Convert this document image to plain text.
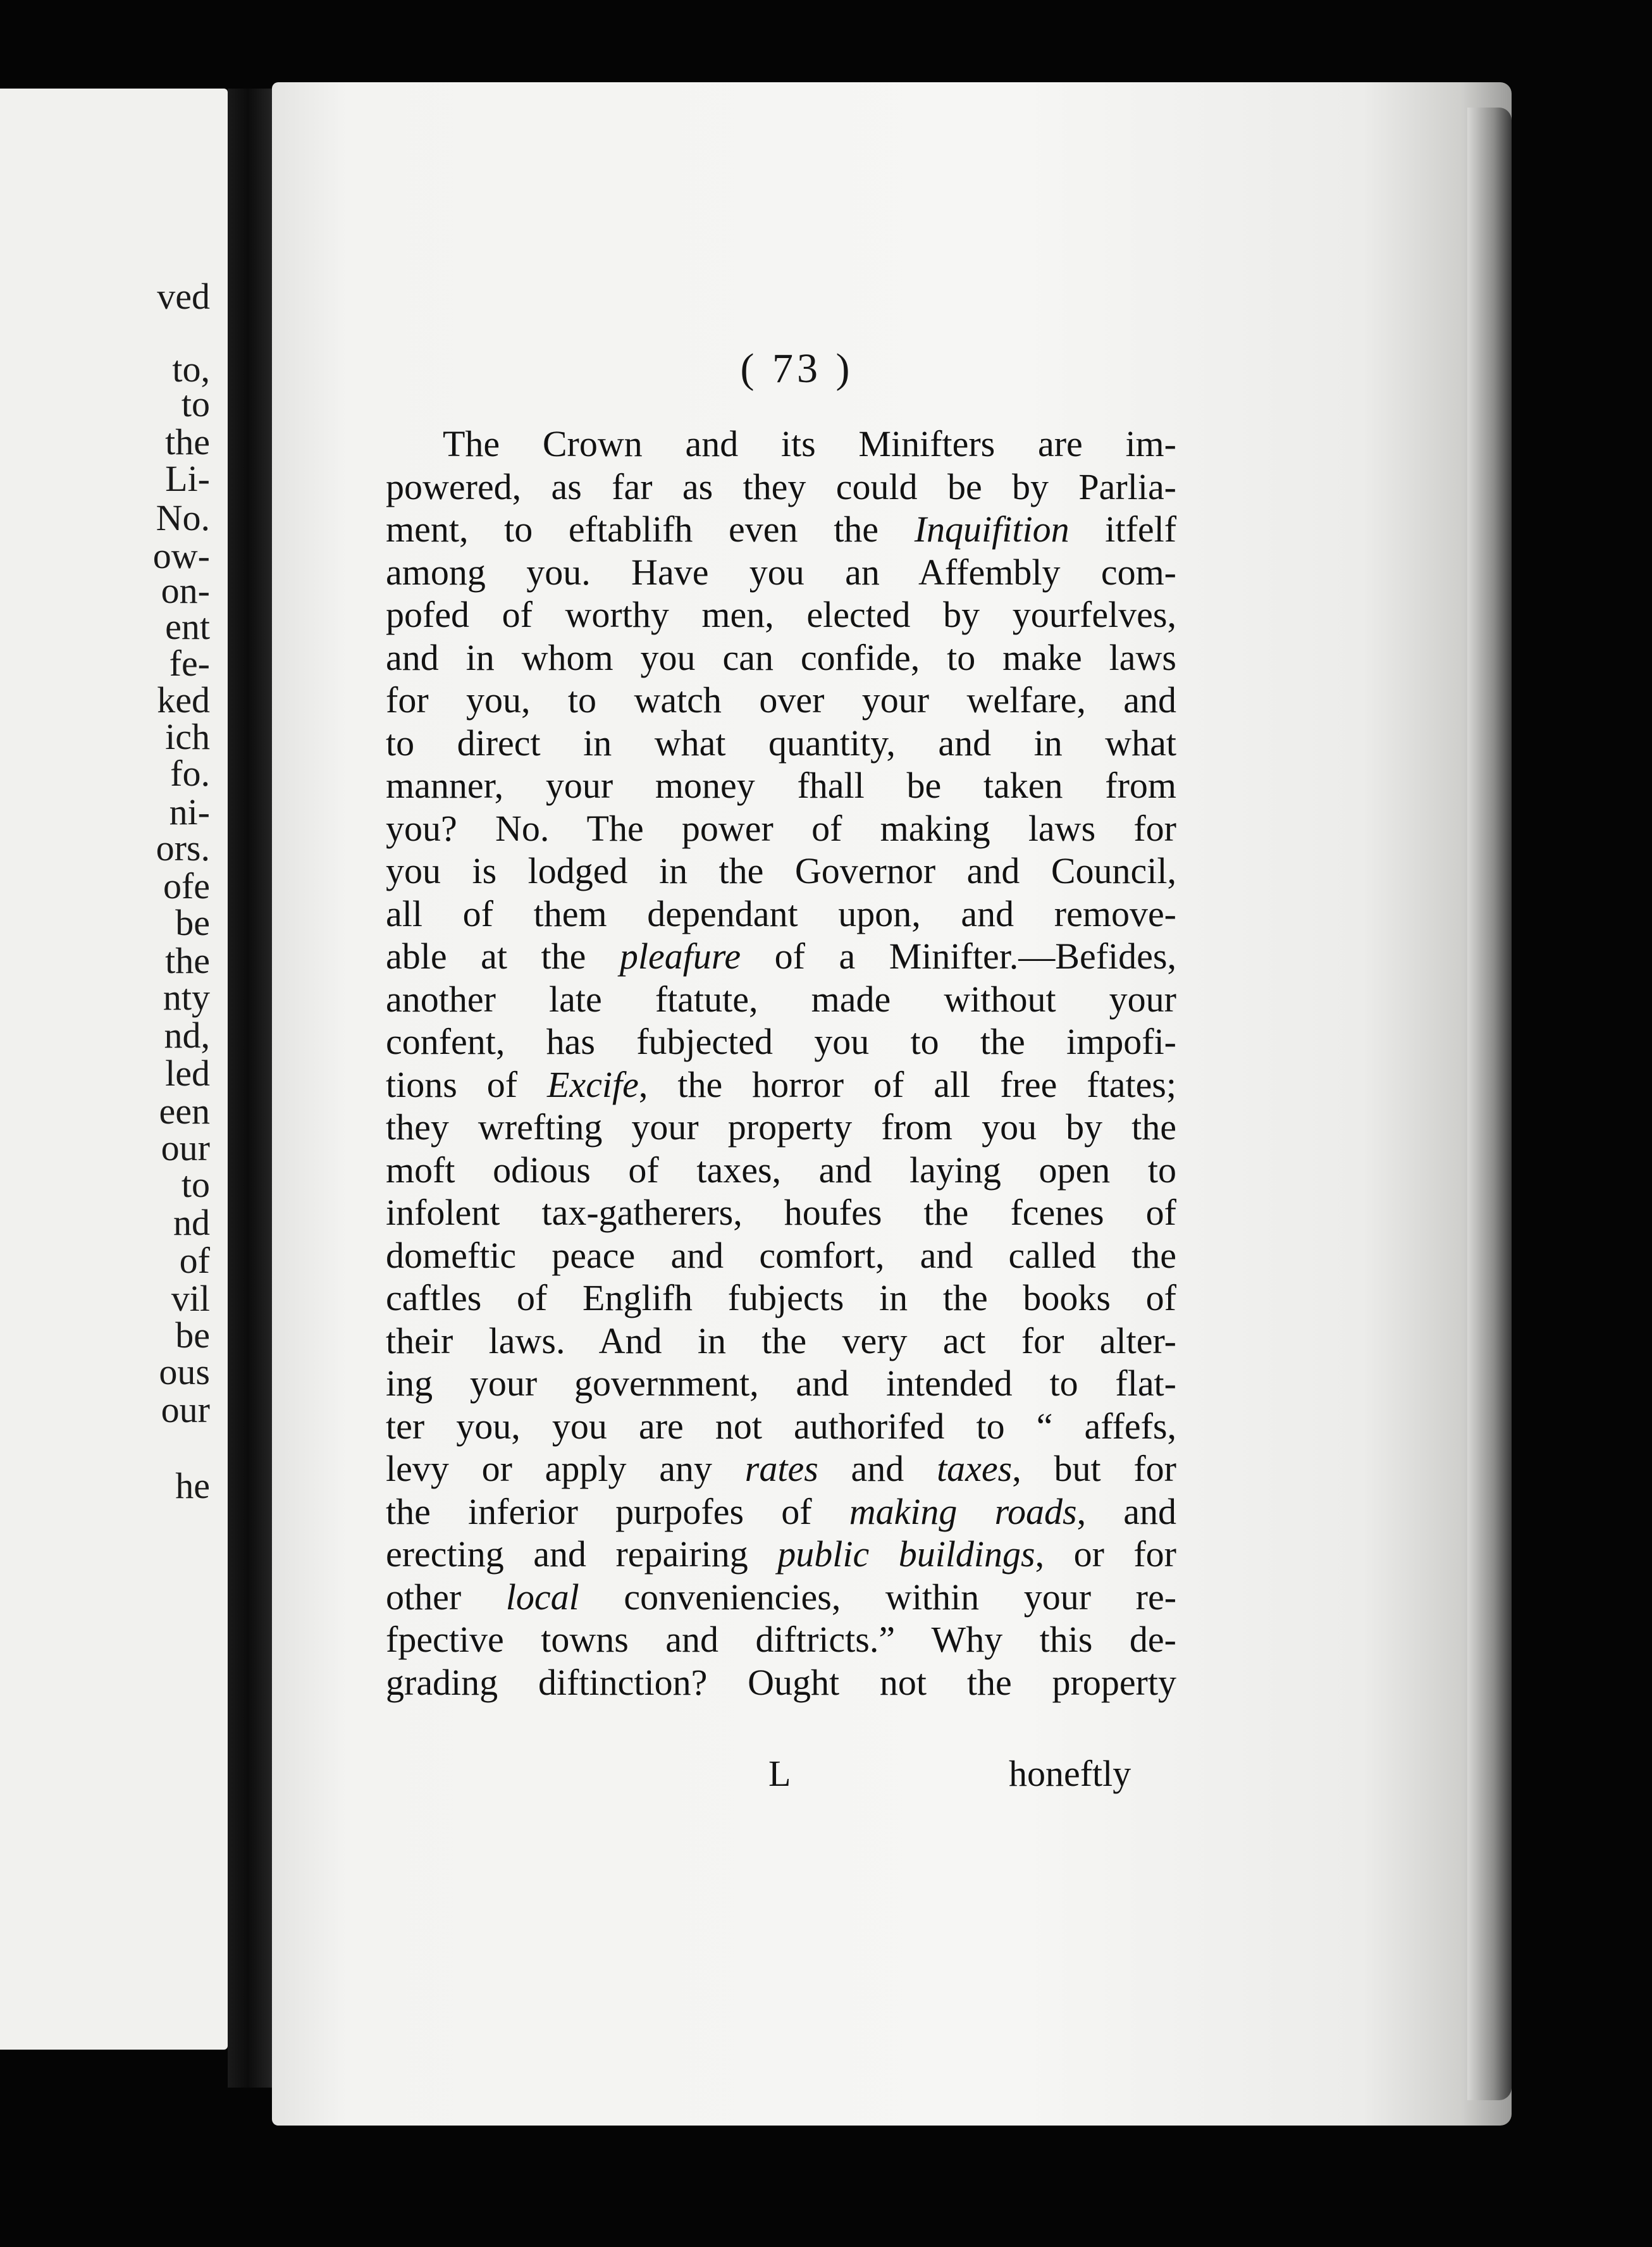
ved
to,
to
the
Li-
No.
ow-
on-
ent
fe-
ked
ich
fo.
ni-
ors.
ofe
be
the
nty
nd,
led
een
our
to
nd
of
vil
be
ous
our
he
( 73 )
The Crown and its Minifters are im-
powered, as far as they could be by Parlia-
ment, to eftablifh even the Inquifition itfelf
among you. Have you an Affembly com-
pofed of worthy men, elected by yourfelves,
and in whom you can confide, to make laws
for you, to watch over your welfare, and
to direct in what quantity, and in what
manner, your money fhall be taken from
you? No. The power of making laws for
you is lodged in the Governor and Council,
all of them dependant upon, and remove-
able at the pleafure of a Minifter.—Befides,
another late ftatute, made without your
confent, has fubjected you to the impofi-
tions of Excife, the horror of all free ftates;
they wrefting your property from you by the
moft odious of taxes, and laying open to
infolent tax-gatherers, houfes the fcenes of
domeftic peace and comfort, and called the
caftles of Englifh fubjects in the books of
their laws. And in the very act for alter-
ing your government, and intended to flat-
ter you, you are not authorifed to “ affefs,
levy or apply any rates and taxes, but for
the inferior purpofes of making roads, and
erecting and repairing public buildings, or for
other local conveniencies, within your re-
fpective towns and diftricts.” Why this de-
grading diftinction? Ought not the property
L	honeftly
